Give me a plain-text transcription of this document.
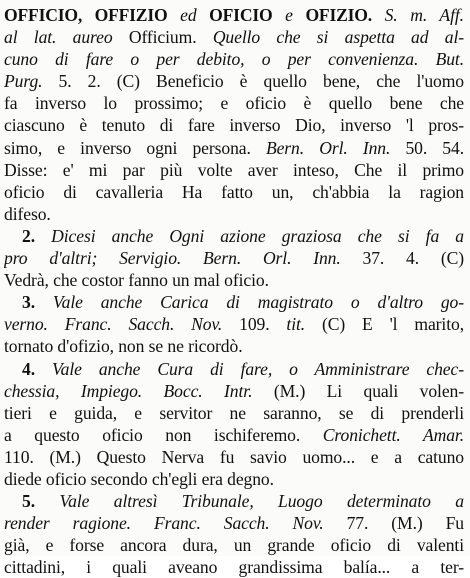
OFFICIO, OFFIZIO ed OFICIO e OFIZIO. S. m. Aff.
al lat. aureo Officium. Quello che si aspetta ad al-
cuno di fare o per debito, o per convenienza. But.
Purg. 5. 2. (C) Beneficio è quello bene, che l'uomo
fa inverso lo prossimo; e oficio è quello bene che
ciascuno è tenuto di fare inverso Dio, inverso 'l pros-
simo, e inverso ogni persona. Bern. Orl. Inn. 50. 54.
Disse: e' mi par più volte aver inteso, Che il primo
oficio di cavalleria Ha fatto un, ch'abbia la ragion
difeso.
2. Dicesi anche Ogni azione graziosa che si fa a
pro d'altri; Servigio. Bern. Orl. Inn. 37. 4. (C)
Vedrà, che costor fanno un mal oficio.
3. Vale anche Carica di magistrato o d'altro go-
verno. Franc. Sacch. Nov. 109. tit. (C) E 'l marito,
tornato d'ofizio, non se ne ricordò.
4. Vale anche Cura di fare, o Amministrare chec-
chessia, Impiego. Bocc. Intr. (M.) Li quali volen-
tieri e guida, e servitor ne saranno, se di prenderli
a questo oficio non ischiferemo. Cronichett. Amar.
110. (M.) Questo Nerva fu savio uomo... e a catuno
diede oficio secondo ch'egli era degno.
5. Vale altresì Tribunale, Luogo determinato a
render ragione. Franc. Sacch. Nov. 77. (M.) Fu
già, e forse ancora dura, un grande oficio di valenti
cittadini, i quali aveano grandissima balía... a ter-
